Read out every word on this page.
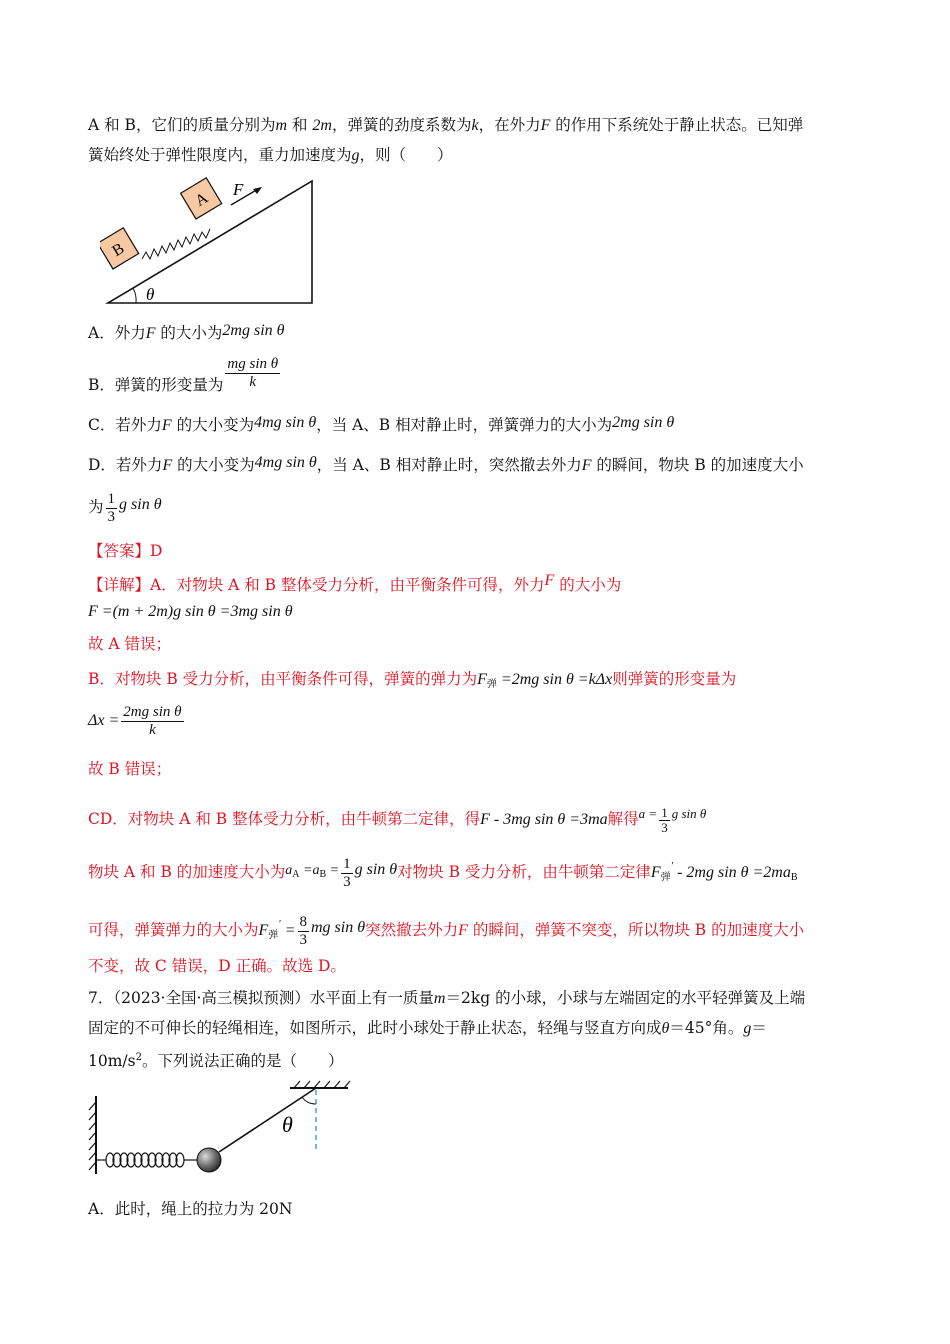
A 和 B，它们的质量分别为m 和 2m，弹簧的劲度系数为k，在外力F 的作用下系统处于静止状态。已知弹
簧始终处于弹性限度内，重力加速度为g，则（　　）
θ
B
A
F
A．外力F 的大小为2mg sin θ
B．弹簧的形变量为 $\frac{\text{mg sin θ}}{k}$
C．若外力F 的大小变为4mg sin θ，当 A、B 相对静止时，弹簧弹力的大小为2mg sin θ
D．若外力F 的大小变为4mg sin θ，当 A、B 相对静止时，突然撤去外力F 的瞬间，物块 B 的加速度大小
为 $\frac{1}{3}$ g sin θ
【答案】D
【详解】A．对物块 A 和 B 整体受力分析，由平衡条件可得，外力F 的大小为
F =(m + 2m)g sin θ =3mg sin θ
故 A 错误；
B．对物块 B 受力分析，由平衡条件可得，弹簧的弹力为$F_弹 =2mg$ sin θ =kΔx则弹簧的形变量为
$\Delta x = \frac{\text{2mg sin θ}}{k}$
故 B 错误；
CD．对物块 A 和 B 整体受力分析，由牛顿第二定律，得F - 3mg sin θ =3ma解得$^{a =} \frac{1}{3} ^{g sin \theta}$
物块 A 和 B 的加速度大小为$a_A =a_B = \frac{1}{3}$ g sin θ对物块 B 受力分析，由牛顿第二定律$F_弹' - 2mg$ $\sin \theta =2ma_B$
可得，弹簧弹力的大小为$F_弹' = \frac{8}{3}$ mg sin θ突然撤去外力F 的瞬间，弹簧不突变，所以物块 B 的加速度大小
不变，故 C 错误，D 正确。故选 D。
7．（2023·全国·高三模拟预测）水平面上有一质量m＝2kg 的小球，小球与左端固定的水平轻弹簧及上端
固定的不可伸长的轻绳相连，如图所示，此时小球处于静止状态，轻绳与竖直方向成θ＝45°角。g＝
$10m/s^2$。下列说法正确的是（　　）
θ
A．此时，绳上的拉力为 20N
